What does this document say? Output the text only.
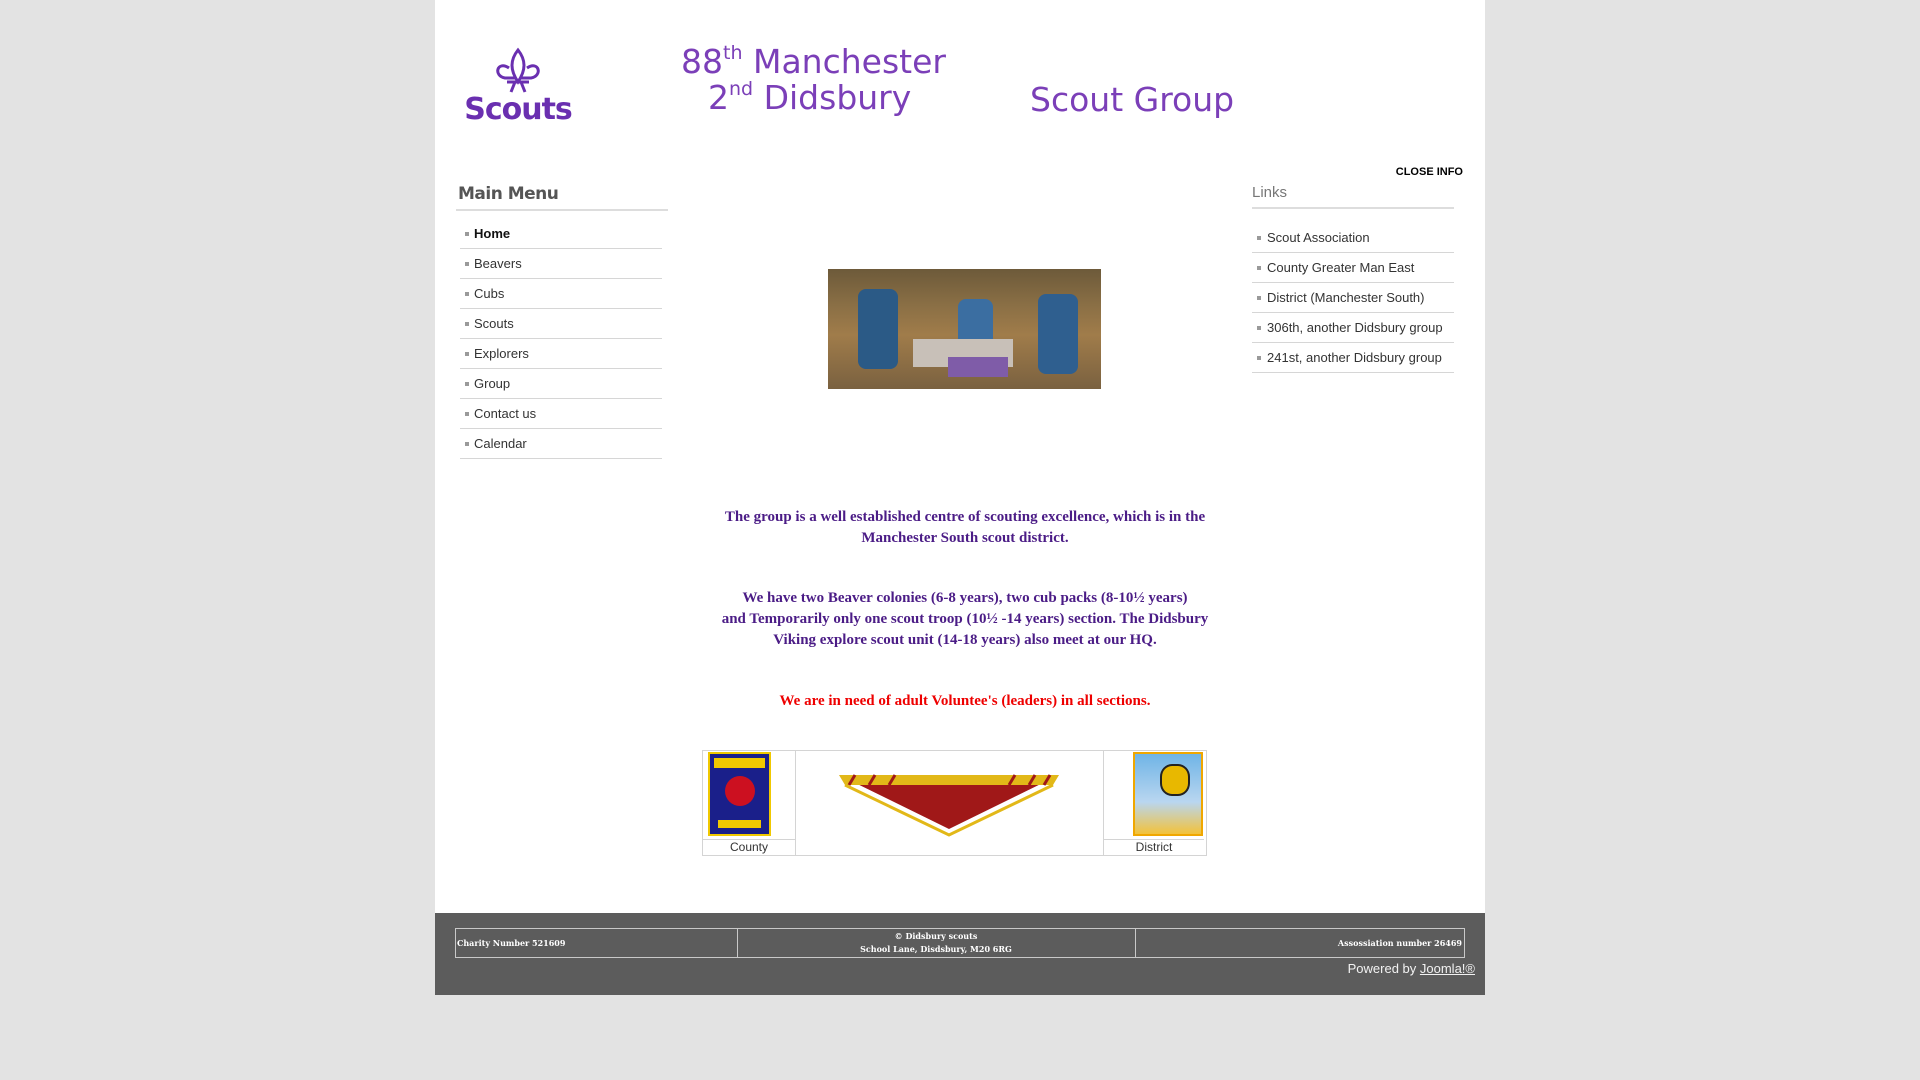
Scouts
88th Manchester
2nd Didsbury	Scout Group
CLOSE INFO
Main Menu
Home
Beavers
Cubs
Scouts
Explorers
Group
Contact us
Calendar
Links
Scout Association
County Greater Man East
District (Manchester South)
306th, another Didsbury group
241st, another Didsbury group
The group is a well established centre of scouting excellence, which is in the Manchester South scout district.
We have two Beaver colonies (6-8 years), two cub packs (8-10½ years)
and Temporarily only one scout troop (10½ -14 years) section. The Didsbury Viking explore scout unit (14-18 years) also meet at our HQ.
We are in need of adult Voluntee's (leaders) in all sections.
County	District
Charity Number 521609
© Didsbury scouts
School Lane, Disdsbury, M20 6RG
Assossiation number 26469
Powered by Joomla!®
